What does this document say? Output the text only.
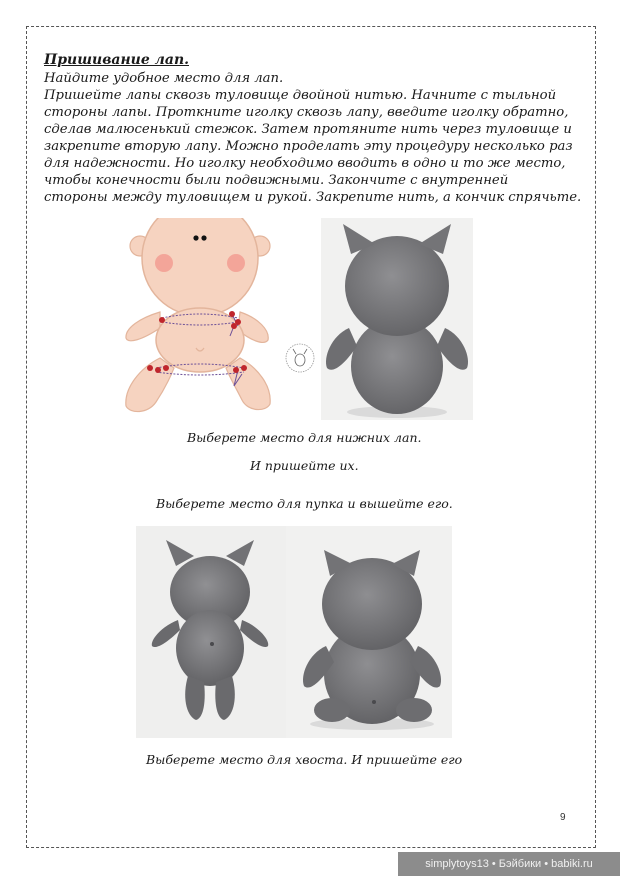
Пришивание лап.

Найдите удобное место для лап.

Пришейте лапы сквозь туловище двойной нитью. Начните с тыльной

стороны лапы. Проткните иголку сквозь лапу, введите иголку обратно,

сделав малюсенький стежок. Затем протяните нить через туловище и

закрепите вторую лапу. Можно проделать эту процедуру несколько раз

для надежности. Но иголку необходимо вводить в одно и то же место,

чтобы конечности были подвижными. Закончите с внутренней

стороны между туловищем и рукой. Закрепите нить, а кончик спрячьте.

Выберете место для нижних лап.
И пришейте их.
Выберете место для пупка и вышейте его.
Выберете место для хвоста. И пришейте его
9
simplytoys13 • Бэйбики • babiki.ru
